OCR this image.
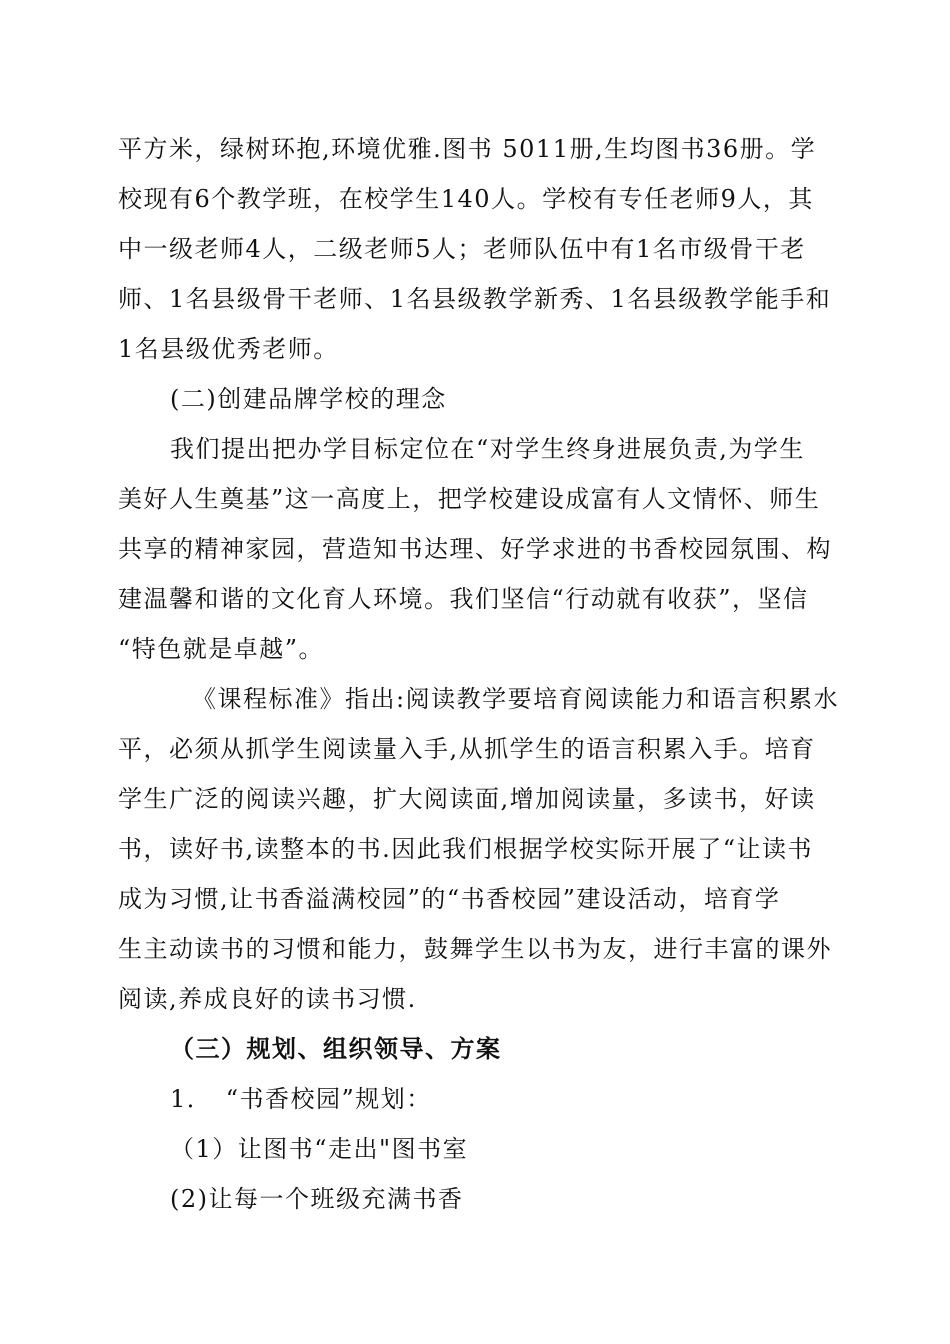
平方米，绿树环抱,环境优雅.图书 5011册,生均图书36册。学

校现有6个教学班，在校学生140人。学校有专任老师9人，其

中一级老师4人，二级老师5人；老师队伍中有1名市级骨干老

师、1名县级骨干老师、1名县级教学新秀、1名县级教学能手和

1名县级优秀老师。

(二)创建品牌学校的理念

我们提出把办学目标定位在“对学生终身进展负责,为学生

美好人生奠基”这一高度上，把学校建设成富有人文情怀、师生

共享的精神家园，营造知书达理、好学求进的书香校园氛围、构

建温馨和谐的文化育人环境。我们坚信“行动就有收获”，坚信

“特色就是卓越”。

《课程标准》指出:阅读教学要培育阅读能力和语言积累水

平，必须从抓学生阅读量入手,从抓学生的语言积累入手。培育

学生广泛的阅读兴趣，扩大阅读面,增加阅读量，多读书，好读

书，读好书,读整本的书.因此我们根据学校实际开展了“让读书

成为习惯,让书香溢满校园”的“书香校园”建设活动，培育学

生主动读书的习惯和能力，鼓舞学生以书为友，进行丰富的课外

阅读,养成良好的读书习惯.

（三）规划、组织领导、方案

1．　“书香校园”规划：

（1）让图书“走出"图书室

(2)让每一个班级充满书香
